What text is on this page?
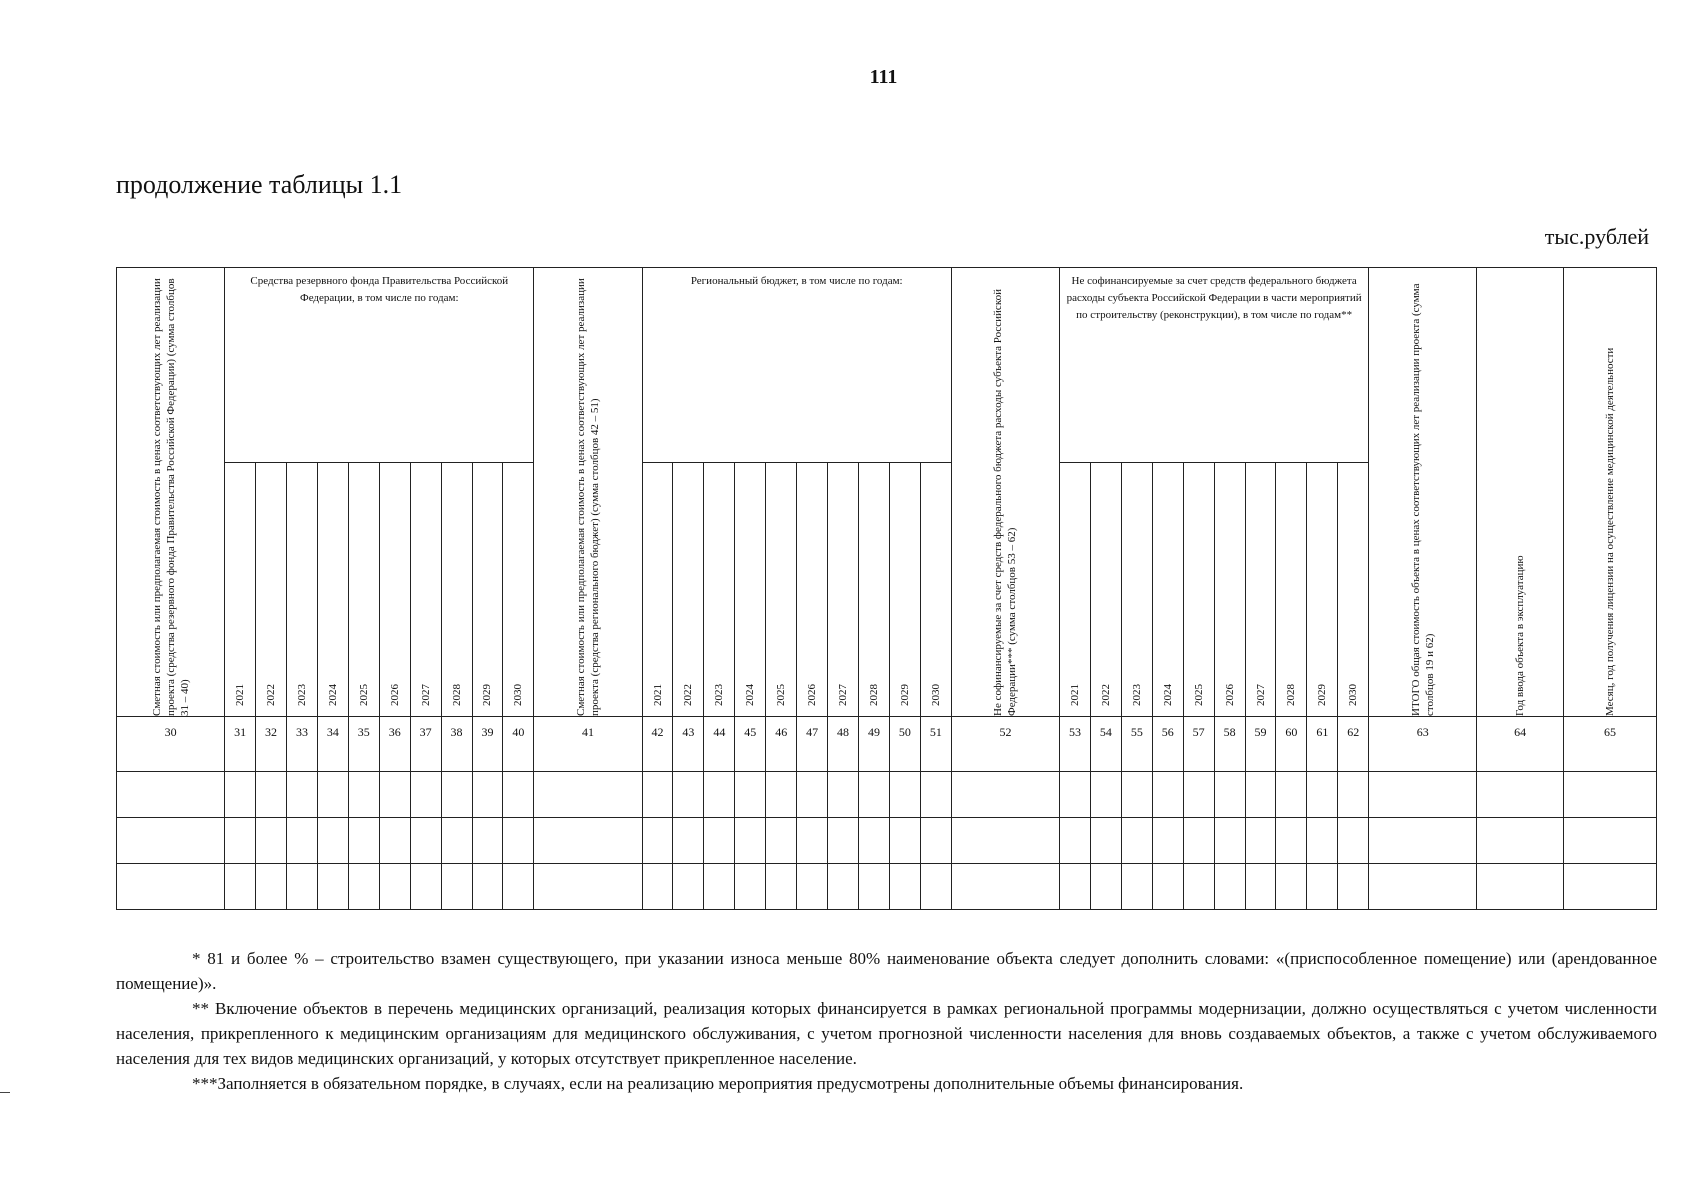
111
продолжение таблицы 1.1
тыс.рублей
Сметная стоимость или предполагаемая стоимость в ценах соответствующих лет реализации проекта (средства резервного фонда Правительства Российской Федерации) (сумма столбцов 31 – 40)	Средства резервного фонда Правительства Российской Федерации, в том числе по годам:										Сметная стоимость или предполагаемая стоимость в ценах соответствующих лет реализации проекта (средства регионального бюджет) (сумма столбцов 42 – 51)	Региональный бюджет, в том числе по годам:										Не софинансируемые за счет средств федерального бюджета расходы субъекта Российской Федерации*** (сумма столбцов 53 – 62)	Не софинансируемые за счет средств федерального бюджета расходы субъекта Российской Федерации в части мероприятий по строительству (реконструкции), в том числе по годам**										ИТОГО общая стоимость объекта в ценах соответствующих лет реализации проекта (сумма столбцов 19 и 62)	Год ввода объекта в эксплуатацию	Месяц, год получения лицензии на осуществление медицинской деятельности

	2021	2022	2023	2024	2025	2026	2027	2028	2029	2030		2021	2022	2023	2024	2025	2026	2027	2028	2029	2030		2021	2022	2023	2024	2025	2026	2027	2028	2029	2030			

30	31	32	33	34	35	36	37	38	39	40	41	42	43	44	45	46	47	48	49	50	51	52	53	54	55	56	57	58	59	60	61	62	63	64	65

* 81 и более % – строительство взамен существующего, при указании износа меньше 80% наименование объекта следует дополнить словами: «(приспособленное помещение) или (арендованное помещение)».

** Включение объектов в перечень медицинских организаций, реализация которых финансируется в рамках региональной программы модернизации, должно осуществляться с учетом численности населения, прикрепленного к медицинским организациям для медицинского обслуживания, с учетом прогнозной численности населения для вновь создаваемых объектов, а также с учетом обслуживаемого населения для тех видов медицинских организаций, у которых отсутствует прикрепленное население.

***Заполняется в обязательном порядке, в случаях, если на реализацию мероприятия предусмотрены дополнительные объемы финансирования.
